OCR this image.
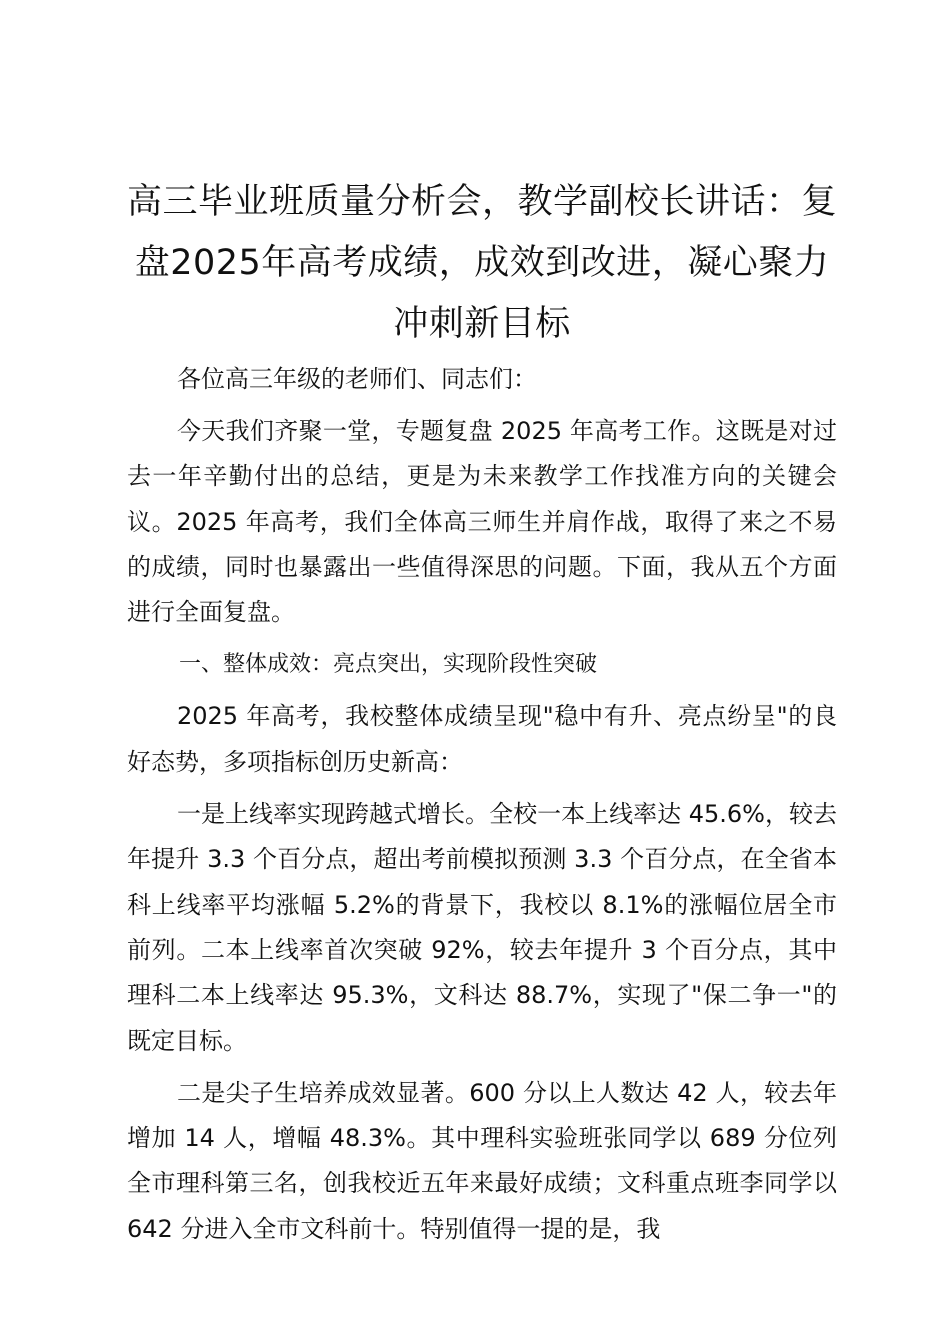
高三毕业班质量分析会，教学副校长讲话：复盘2025年高考成绩，成效到改进，凝心聚力冲刺新目标

各位高三年级的老师们、同志们：

今天我们齐聚一堂，专题复盘 2025 年高考工作。这既是对过去一年辛勤付出的总结，更是为未来教学工作找准方向的关键会议。2025 年高考，我们全体高三师生并肩作战，取得了来之不易的成绩，同时也暴露出一些值得深思的问题。下面，我从五个方面进行全面复盘。

一、整体成效：亮点突出，实现阶段性突破

2025 年高考，我校整体成绩呈现"稳中有升、亮点纷呈"的良好态势，多项指标创历史新高：

一是上线率实现跨越式增长。全校一本上线率达 45.6%，较去年提升 3.3 个百分点，超出考前模拟预测 3.3 个百分点，在全省本科上线率平均涨幅 5.2%的背景下，我校以 8.1%的涨幅位居全市前列。二本上线率首次突破 92%，较去年提升 3 个百分点，其中理科二本上线率达 95.3%，文科达 88.7%，实现了"保二争一"的既定目标。

二是尖子生培养成效显著。600 分以上人数达 42 人，较去年增加 14 人，增幅 48.3%。其中理科实验班张同学以 689 分位列全市理科第三名，创我校近五年来最好成绩；文科重点班李同学以 642 分进入全市文科前十。特别值得一提的是，我
